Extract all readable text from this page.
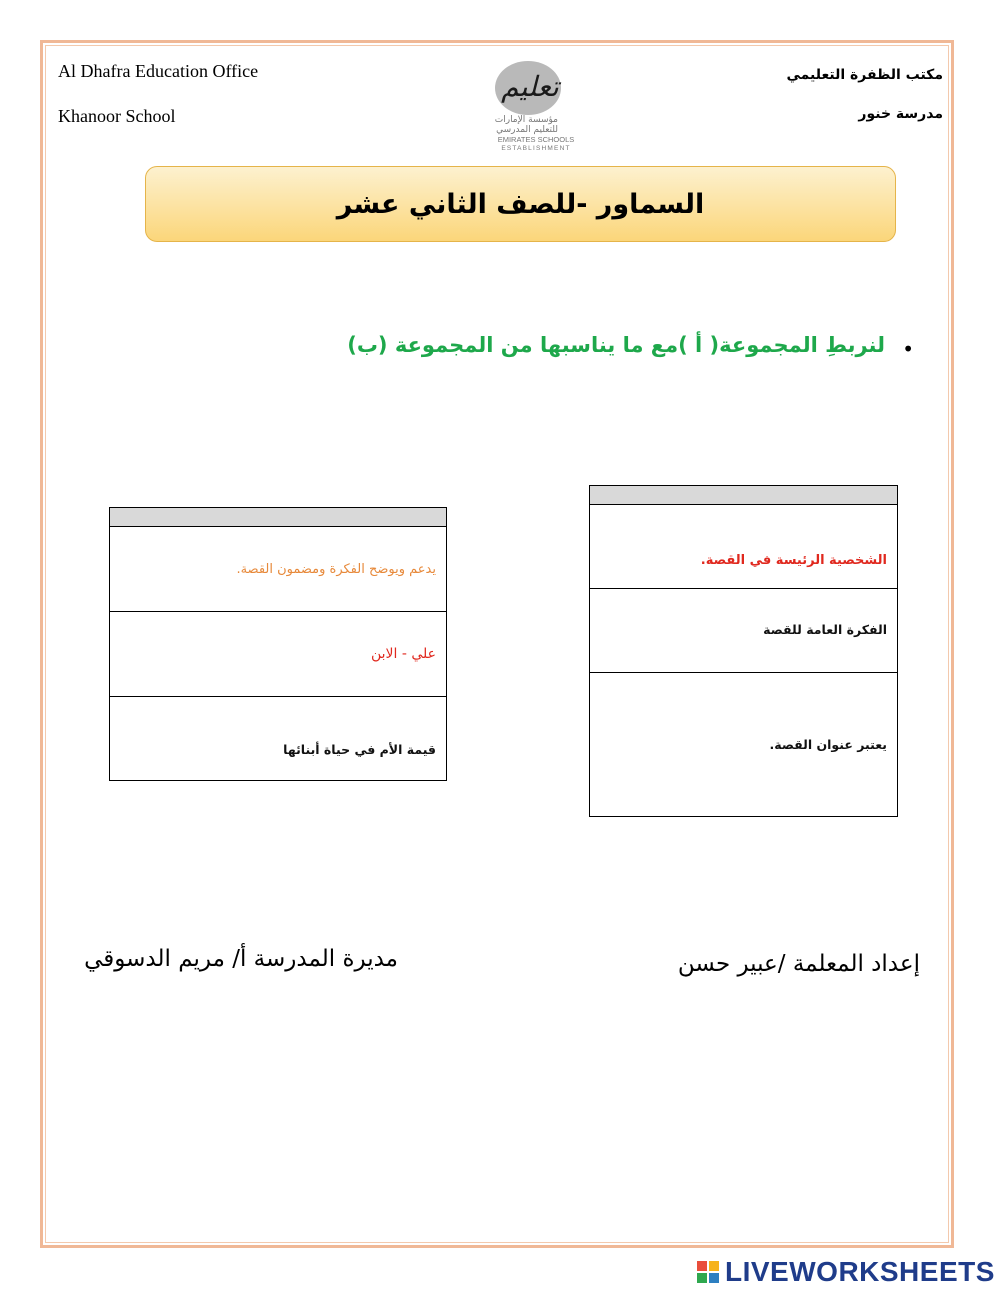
Al Dhafra Education Office
Khanoor School
مكتب الظفرة التعليمي
مدرسة خنور
تعليم
مؤسسة الإمارات
للتعليم المدرسي
EMIRATES SCHOOLS
ESTABLISHMENT
السماور -للصف الثاني عشر
•
لنربطِ المجموعة( أ )مع ما يناسبها من المجموعة (ب)

الشخصية الرئيسة في القصة.
الفكرة العامة للقصة
يعتبر عنوان القصة.

يدعم ويوضح الفكرة ومضمون القصة.
علي - الابن
قيمة الأم في حياة أبنائها
إعداد المعلمة /عبير حسن
مديرة المدرسة أ/ مريم الدسوقي
LIVEWORKSHEETS
